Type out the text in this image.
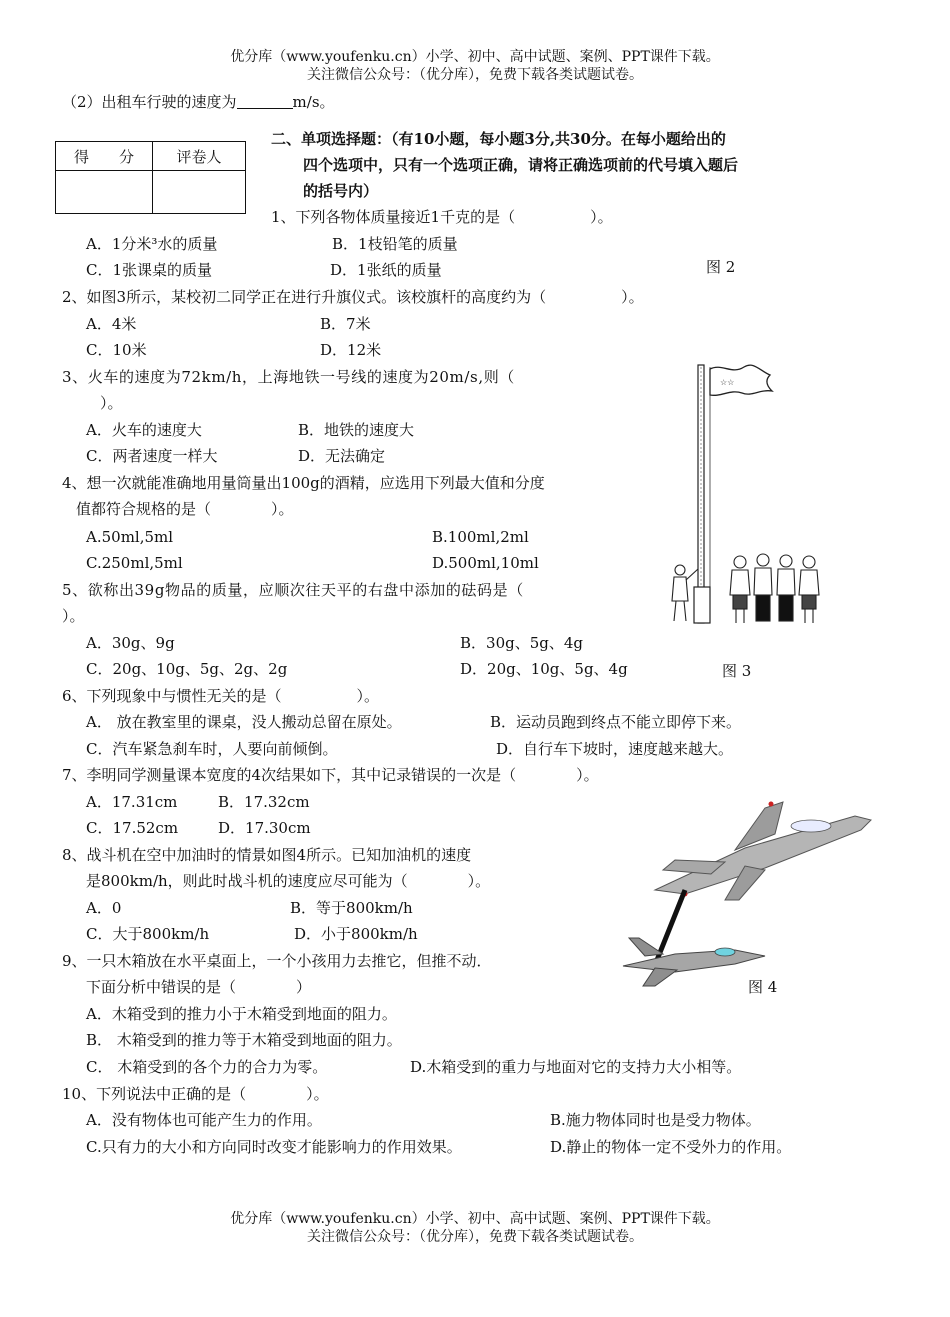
优分库（www.youfenku.cn）小学、初中、高中试题、案例、PPT课件下载。
关注微信公众号：（优分库），免费下载各类试题试卷。
（2）出租车行驶的速度为	m/s。
得　　分	评卷人

二、单项选择题：（有10小题，每小题3分,共30分。在每小题给出的
四个选项中，只有一个选项正确，请将正确选项前的代号填入题后
的括号内）
1、下列各物体质量接近1千克的是（　　　　　）。
A．1分米³水的质量	B．1枝铅笔的质量
C．1张课桌的质量	D．1张纸的质量	图 2
2、如图3所示，某校初二同学正在进行升旗仪式。该校旗杆的高度约为（　　　　　）。
A．4米	B．7米
C．10米	D．12米
3、火车的速度为72km/h，上海地铁一号线的速度为20m/s,则（
）。
A．火车的速度大	B．地铁的速度大
C．两者速度一样大	D．无法确定
4、想一次就能准确地用量筒量出100g的酒精，应选用下列最大值和分度
值都符合规格的是（　　　　）。
A.50ml,5ml	B.100ml,2ml
C.250ml,5ml	D.500ml,10ml
5、欲称出39g物品的质量，应顺次往天平的右盘中添加的砝码是（
）。
A．30g、9g	B．30g、5g、4g
C．20g、10g、5g、2g、2g	D．20g、10g、5g、4g	图 3
6、下列现象中与惯性无关的是（　　　　　）。
A． 放在教室里的课桌，没人搬动总留在原处。	B．运动员跑到终点不能立即停下来。
C．汽车紧急刹车时，人要向前倾倒。	D．自行车下坡时，速度越来越大。
7、李明同学测量课本宽度的4次结果如下，其中记录错误的一次是（　　　　）。
A．17.31cm	B．17.32cm
C．17.52cm	D．17.30cm
8、战斗机在空中加油时的情景如图4所示。已知加油机的速度
是800km/h，则此时战斗机的速度应尽可能为（　　　　）。
A．0	B．等于800km/h
C．大于800km/h	D．小于800km/h
9、一只木箱放在水平桌面上，一个小孩用力去推它，但推不动．
下面分析中错误的是（　　　　）	图 4
A．木箱受到的推力小于木箱受到地面的阻力。
B． 木箱受到的推力等于木箱受到地面的阻力。
C． 木箱受到的各个力的合力为零。	D.木箱受到的重力与地面对它的支持力大小相等。
10、下列说法中正确的是（　　　　）。
A．没有物体也可能产生力的作用。	B.施力物体同时也是受力物体。
C.只有力的大小和方向同时改变才能影响力的作用效果。	D.静止的物体一定不受外力的作用。
☆☆
优分库（www.youfenku.cn）小学、初中、高中试题、案例、PPT课件下载。
关注微信公众号：（优分库），免费下载各类试题试卷。
